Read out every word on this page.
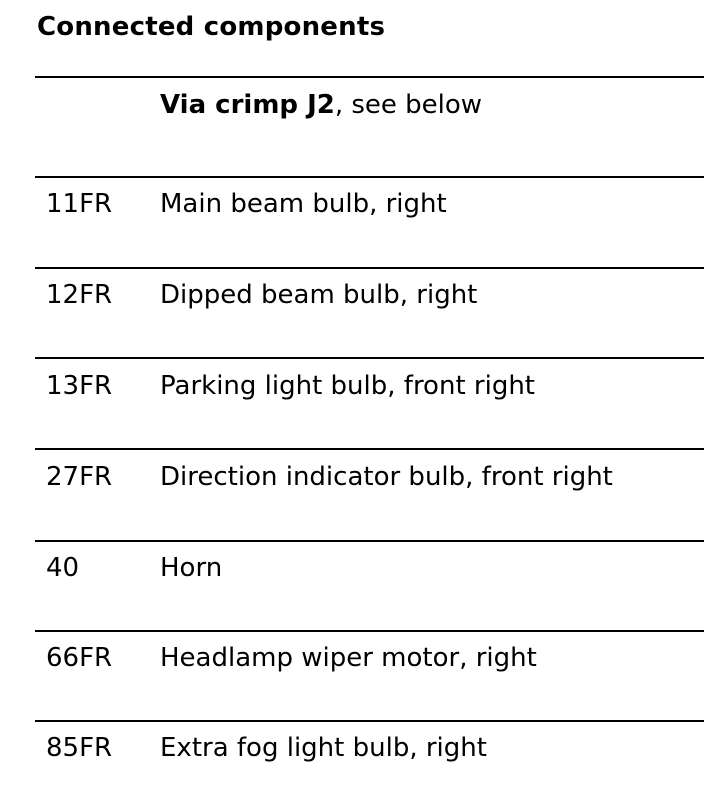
Connected components
Via crimp J2, see below
11FR Main beam bulb, right
12FR Dipped beam bulb, right
13FR Parking light bulb, front right
27FR Direction indicator bulb, front right
40	Horn
66FR Headlamp wiper motor, right
85FR Extra fog light bulb, right
